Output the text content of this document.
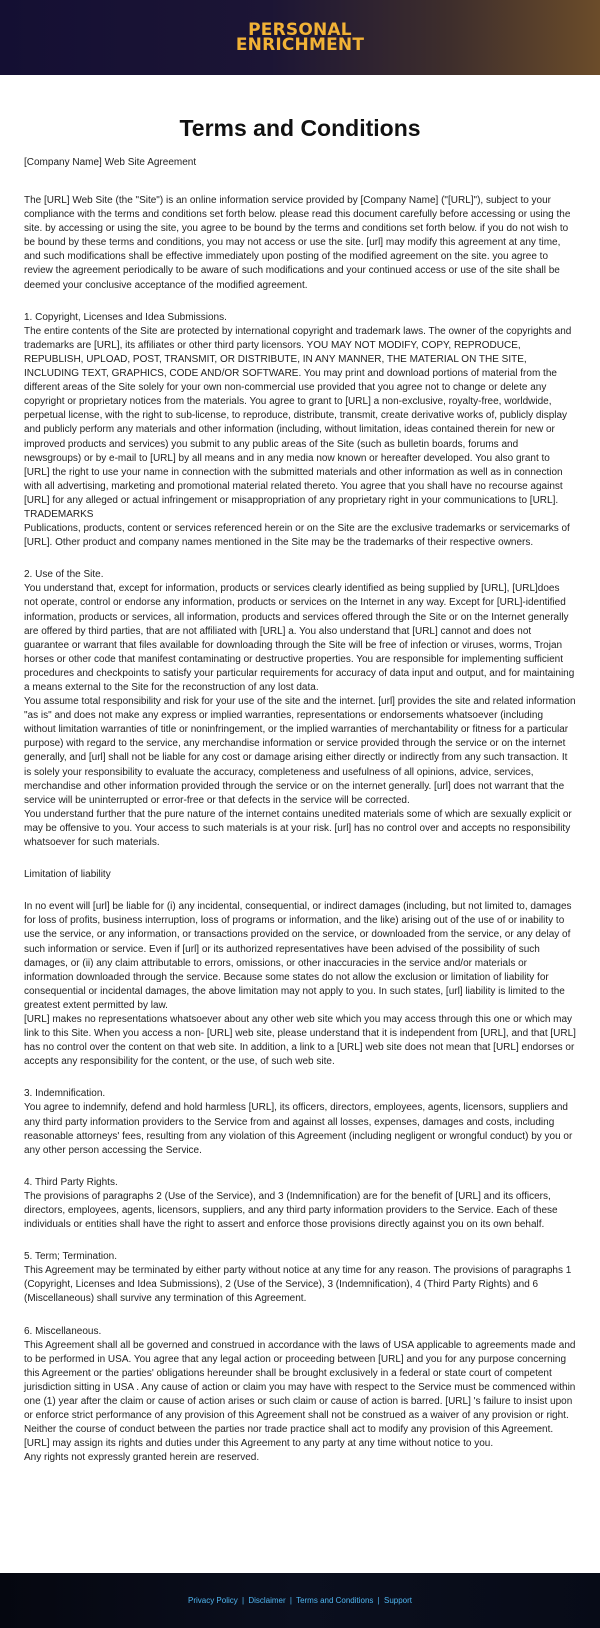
PERSONAL
ENRICHMENT
Terms and Conditions

[Company Name] Web Site Agreement

The [URL] Web Site (the "Site") is an online information service provided by [Company Name] ("[URL]"), subject to your compliance with the terms and conditions set forth below. please read this document carefully before accessing or using the site. by accessing or using the site, you agree to be bound by the terms and conditions set forth below. if you do not wish to be bound by these terms and conditions, you may not access or use the site. [url] may modify this agreement at any time, and such modifications shall be effective immediately upon posting of the modified agreement on the site. you agree to review the agreement periodically to be aware of such modifications and your continued access or use of the site shall be deemed your conclusive acceptance of the modified agreement.

1. Copyright, Licenses and Idea Submissions.

The entire contents of the Site are protected by international copyright and trademark laws. The owner of the copyrights and trademarks are [URL], its affiliates or other third party licensors. YOU MAY NOT MODIFY, COPY, REPRODUCE, REPUBLISH, UPLOAD, POST, TRANSMIT, OR DISTRIBUTE, IN ANY MANNER, THE MATERIAL ON THE SITE, INCLUDING TEXT, GRAPHICS, CODE AND/OR SOFTWARE. You may print and download portions of material from the different areas of the Site solely for your own non-commercial use provided that you agree not to change or delete any copyright or proprietary notices from the materials. You agree to grant to [URL] a non-exclusive, royalty-free, worldwide, perpetual license, with the right to sub-license, to reproduce, distribute, transmit, create derivative works of, publicly display and publicly perform any materials and other information (including, without limitation, ideas contained therein for new or improved products and services) you submit to any public areas of the Site (such as bulletin boards, forums and newsgroups) or by e-mail to [URL] by all means and in any media now known or hereafter developed. You also grant to [URL] the right to use your name in connection with the submitted materials and other information as well as in connection with all advertising, marketing and promotional material related thereto. You agree that you shall have no recourse against [URL] for any alleged or actual infringement or misappropriation of any proprietary right in your communications to [URL].

TRADEMARKS

Publications, products, content or services referenced herein or on the Site are the exclusive trademarks or servicemarks of [URL]. Other product and company names mentioned in the Site may be the trademarks of their respective owners.

2. Use of the Site.

You understand that, except for information, products or services clearly identified as being supplied by [URL], [URL]does not operate, control or endorse any information, products or services on the Internet in any way. Except for [URL]-identified information, products or services, all information, products and services offered through the Site or on the Internet generally are offered by third parties, that are not affiliated with [URL] a. You also understand that [URL] cannot and does not guarantee or warrant that files available for downloading through the Site will be free of infection or viruses, worms, Trojan horses or other code that manifest contaminating or destructive properties. You are responsible for implementing sufficient procedures and checkpoints to satisfy your particular requirements for accuracy of data input and output, and for maintaining a means external to the Site for the reconstruction of any lost data.

You assume total responsibility and risk for your use of the site and the internet. [url] provides the site and related information "as is" and does not make any express or implied warranties, representations or endorsements whatsoever (including without limitation warranties of title or noninfringement, or the implied warranties of merchantability or fitness for a particular purpose) with regard to the service, any merchandise information or service provided through the service or on the internet generally, and [url] shall not be liable for any cost or damage arising either directly or indirectly from any such transaction. It is solely your responsibility to evaluate the accuracy, completeness and usefulness of all opinions, advice, services, merchandise and other information provided through the service or on the internet generally. [url] does not warrant that the service will be uninterrupted or error-free or that defects in the service will be corrected.

You understand further that the pure nature of the internet contains unedited materials some of which are sexually explicit or may be offensive to you. Your access to such materials is at your risk. [url] has no control over and accepts no responsibility whatsoever for such materials.

Limitation of liability

In no event will [url] be liable for (i) any incidental, consequential, or indirect damages (including, but not limited to, damages for loss of profits, business interruption, loss of programs or information, and the like) arising out of the use of or inability to use the service, or any information, or transactions provided on the service, or downloaded from the service, or any delay of such information or service. Even if [url] or its authorized representatives have been advised of the possibility of such damages, or (ii) any claim attributable to errors, omissions, or other inaccuracies in the service and/or materials or information downloaded through the service. Because some states do not allow the exclusion or limitation of liability for consequential or incidental damages, the above limitation may not apply to you. In such states, [url] liability is limited to the greatest extent permitted by law.

[URL] makes no representations whatsoever about any other web site which you may access through this one or which may link to this Site. When you access a non- [URL] web site, please understand that it is independent from [URL], and that [URL] has no control over the content on that web site. In addition, a link to a [URL] web site does not mean that [URL] endorses or accepts any responsibility for the content, or the use, of such web site.

3. Indemnification.

You agree to indemnify, defend and hold harmless [URL], its officers, directors, employees, agents, licensors, suppliers and any third party information providers to the Service from and against all losses, expenses, damages and costs, including reasonable attorneys' fees, resulting from any violation of this Agreement (including negligent or wrongful conduct) by you or any other person accessing the Service.

4. Third Party Rights.

The provisions of paragraphs 2 (Use of the Service), and 3 (Indemnification) are for the benefit of [URL] and its officers, directors, employees, agents, licensors, suppliers, and any third party information providers to the Service. Each of these individuals or entities shall have the right to assert and enforce those provisions directly against you on its own behalf.

5. Term; Termination.

This Agreement may be terminated by either party without notice at any time for any reason. The provisions of paragraphs 1 (Copyright, Licenses and Idea Submissions), 2 (Use of the Service), 3 (Indemnification), 4 (Third Party Rights) and 6 (Miscellaneous) shall survive any termination of this Agreement.

6. Miscellaneous.

This Agreement shall all be governed and construed in accordance with the laws of USA applicable to agreements made and to be performed in USA. You agree that any legal action or proceeding between [URL] and you for any purpose concerning this Agreement or the parties' obligations hereunder shall be brought exclusively in a federal or state court of competent jurisdiction sitting in USA . Any cause of action or claim you may have with respect to the Service must be commenced within one (1) year after the claim or cause of action arises or such claim or cause of action is barred. [URL] 's failure to insist upon or enforce strict performance of any provision of this Agreement shall not be construed as a waiver of any provision or right. Neither the course of conduct between the parties nor trade practice shall act to modify any provision of this Agreement. [URL] may assign its rights and duties under this Agreement to any party at any time without notice to you.

Any rights not expressly granted herein are reserved.

Privacy Policy | Disclaimer | Terms and Conditions | Support
